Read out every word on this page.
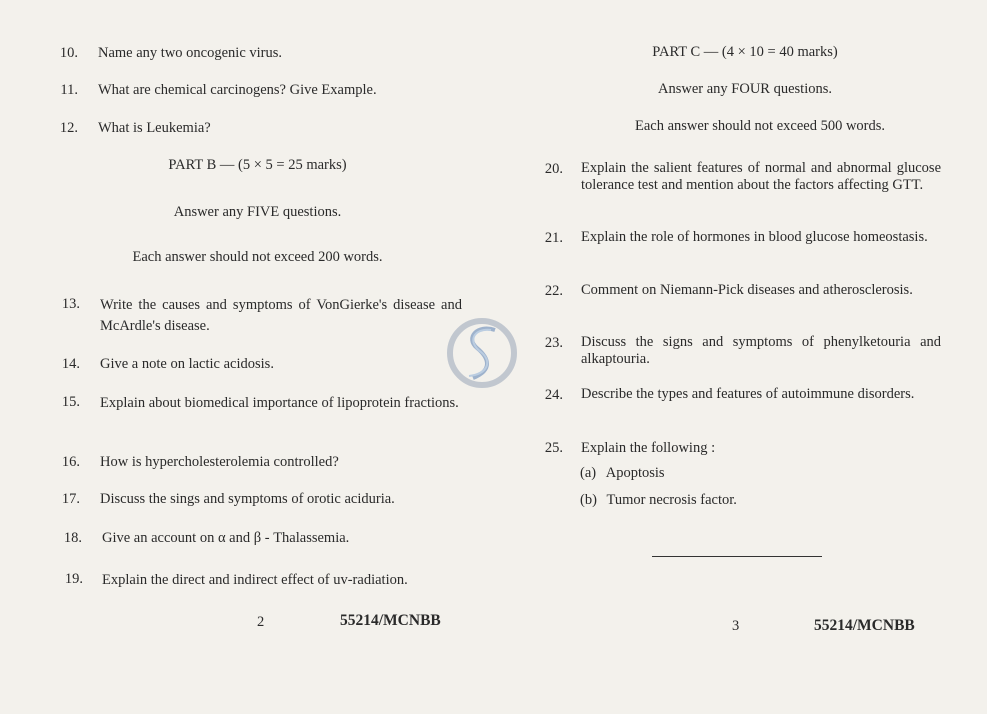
10. Name any two oncogenic virus.
11. What are chemical carcinogens? Give Example.
12. What is Leukemia?
PART B — (5 × 5 = 25 marks)
Answer any FIVE questions.
Each answer should not exceed 200 words.
13. Write the causes and symptoms of VonGierke's disease and McArdle's disease.
14. Give a note on lactic acidosis.
15. Explain about biomedical importance of lipoprotein fractions.
16. How is hypercholesterolemia controlled?
17. Discuss the sings and symptoms of orotic aciduria.
18. Give an account on α and β - Thalassemia.
19. Explain the direct and indirect effect of uv-radiation.
2	55214/MCNBB
PART C — (4 × 10 = 40 marks)
Answer any FOUR questions.
Each answer should not exceed 500 words.
20. Explain the salient features of normal and abnormal glucose tolerance test and mention about the factors affecting GTT.
21. Explain the role of hormones in blood glucose homeostasis.
22. Comment on Niemann-Pick diseases and atherosclerosis.
23. Discuss the signs and symptoms of phenylketouria and alkaptouria.
24. Describe the types and features of autoimmune disorders.
25. Explain the following :
(a) Apoptosis
(b) Tumor necrosis factor.
3	55214/MCNBB
